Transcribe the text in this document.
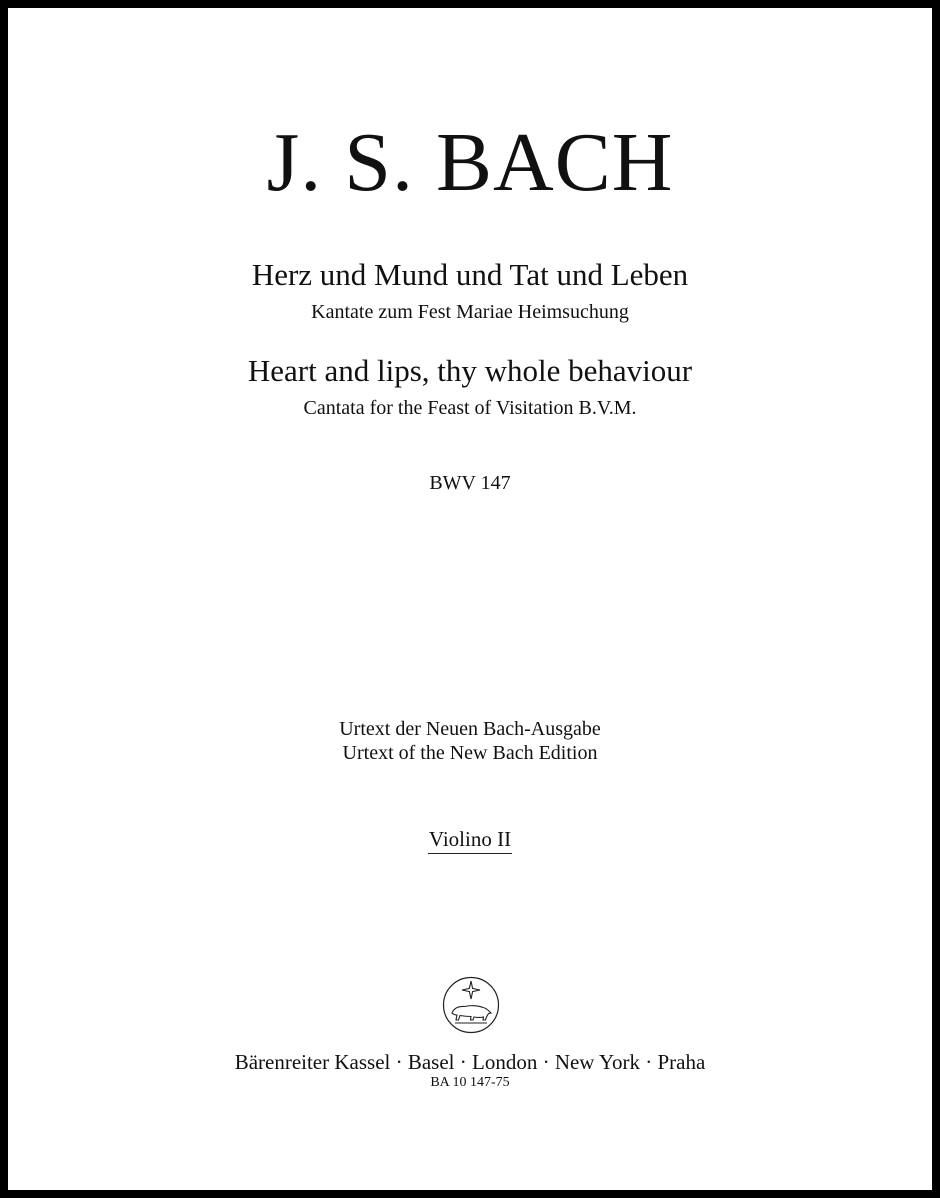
J. S. BACH
Herz und Mund und Tat und Leben
Kantate zum Fest Mariae Heimsuchung
Heart and lips, thy whole behaviour
Cantata for the Feast of Visitation B.V.M.
BWV 147
Urtext der Neuen Bach-Ausgabe
Urtext of the New Bach Edition
Violino II
Bärenreiter Kassel · Basel · London · New York · Praha
BA 10 147-75
